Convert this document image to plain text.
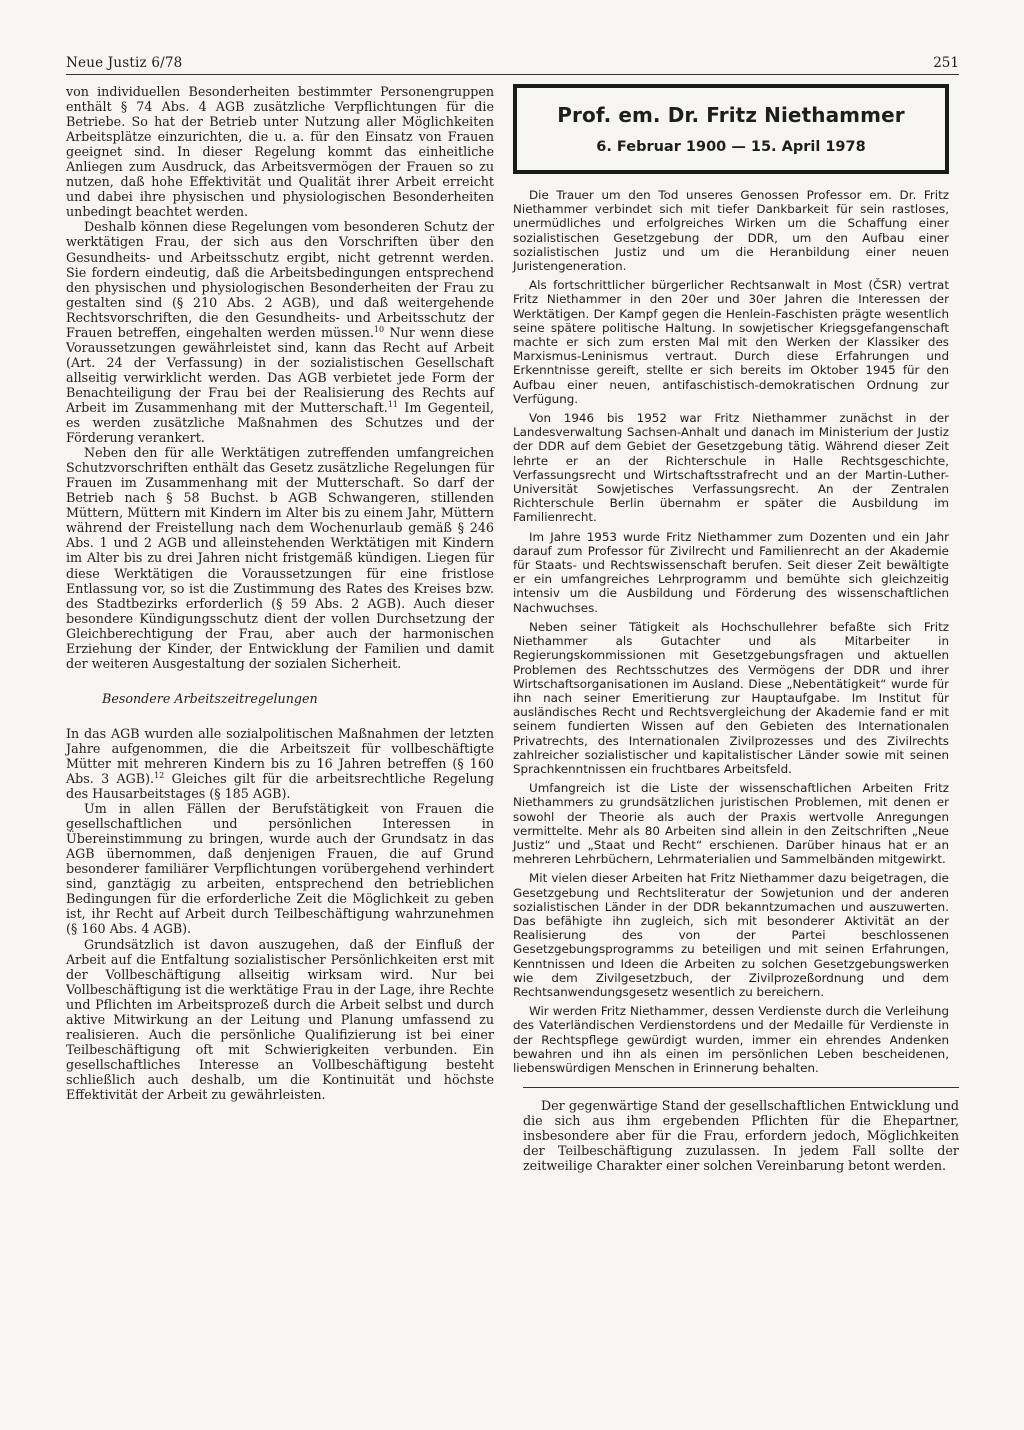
Neue Justiz 6/78	251

von individuellen Besonderheiten bestimmter Personengruppen enthält § 74 Abs. 4 AGB zusätzliche Verpflichtungen für die Betriebe. So hat der Betrieb unter Nutzung aller Möglichkeiten Arbeitsplätze einzurichten, die u. a. für den Einsatz von Frauen geeignet sind. In dieser Regelung kommt das einheitliche Anliegen zum Ausdruck, das Arbeitsvermögen der Frauen so zu nutzen, daß hohe Effektivität und Qualität ihrer Arbeit erreicht und dabei ihre physischen und physiologischen Besonderheiten unbedingt beachtet werden.

Deshalb können diese Regelungen vom besonderen Schutz der werktätigen Frau, der sich aus den Vorschriften über den Gesundheits- und Arbeitsschutz ergibt, nicht getrennt werden. Sie fordern eindeutig, daß die Arbeitsbedingungen entsprechend den physischen und physiologischen Besonderheiten der Frau zu gestalten sind (§ 210 Abs. 2 AGB), und daß weitergehende Rechtsvorschriften, die den Gesundheits- und Arbeitsschutz der Frauen betreffen, eingehalten werden müssen.$^{10}$ Nur wenn diese Voraussetzungen gewährleistet sind, kann das Recht auf Arbeit (Art. 24 der Verfassung) in der sozialistischen Gesellschaft allseitig verwirklicht werden. Das AGB verbietet jede Form der Benachteiligung der Frau bei der Realisierung des Rechts auf Arbeit im Zusammenhang mit der Mutterschaft.$^{11}$ Im Gegenteil, es werden zusätzliche Maßnahmen des Schutzes und der Förderung verankert.

Neben den für alle Werktätigen zutreffenden umfangreichen Schutzvorschriften enthält das Gesetz zusätzliche Regelungen für Frauen im Zusammenhang mit der Mutterschaft. So darf der Betrieb nach § 58 Buchst. b AGB Schwangeren, stillenden Müttern, Müttern mit Kindern im Alter bis zu einem Jahr, Müttern während der Freistellung nach dem Wochenurlaub gemäß § 246 Abs. 1 und 2 AGB und alleinstehenden Werktätigen mit Kindern im Alter bis zu drei Jahren nicht fristgemäß kündigen. Liegen für diese Werktätigen die Voraussetzungen für eine fristlose Entlassung vor, so ist die Zustimmung des Rates des Kreises bzw. des Stadtbezirks erforderlich (§ 59 Abs. 2 AGB). Auch dieser besondere Kündigungsschutz dient der vollen Durchsetzung der Gleichberechtigung der Frau, aber auch der harmonischen Erziehung der Kinder, der Entwicklung der Familien und damit der weiteren Ausgestaltung der sozialen Sicherheit.

Besondere Arbeitszeitregelungen

In das AGB wurden alle sozialpolitischen Maßnahmen der letzten Jahre aufgenommen, die die Arbeitszeit für vollbeschäftigte Mütter mit mehreren Kindern bis zu 16 Jahren betreffen (§ 160 Abs. 3 AGB).$^{12}$ Gleiches gilt für die arbeitsrechtliche Regelung des Hausarbeitstages (§ 185 AGB).

Um in allen Fällen der Berufstätigkeit von Frauen die gesellschaftlichen und persönlichen Interessen in Übereinstimmung zu bringen, wurde auch der Grundsatz in das AGB übernommen, daß denjenigen Frauen, die auf Grund besonderer familiärer Verpflichtungen vorübergehend verhindert sind, ganztägig zu arbeiten, entsprechend den betrieblichen Bedingungen für die erforderliche Zeit die Möglichkeit zu geben ist, ihr Recht auf Arbeit durch Teilbeschäftigung wahrzunehmen (§ 160 Abs. 4 AGB).

Grundsätzlich ist davon auszugehen, daß der Einfluß der Arbeit auf die Entfaltung sozialistischer Persönlichkeiten erst mit der Vollbeschäftigung allseitig wirksam wird. Nur bei Vollbeschäftigung ist die werktätige Frau in der Lage, ihre Rechte und Pflichten im Arbeitsprozeß durch die Arbeit selbst und durch aktive Mitwirkung an der Leitung und Planung umfassend zu realisieren. Auch die persönliche Qualifizierung ist bei einer Teilbeschäftigung oft mit Schwierigkeiten verbunden. Ein gesellschaftliches Interesse an Vollbeschäftigung besteht schließlich auch deshalb, um die Kontinuität und höchste Effektivität der Arbeit zu gewährleisten.

Prof. em. Dr. Fritz Niethammer
6. Februar 1900 — 15. April 1978

Die Trauer um den Tod unseres Genossen Professor em. Dr. Fritz Niethammer verbindet sich mit tiefer Dankbarkeit für sein rastloses, unermüdliches und erfolgreiches Wirken um die Schaffung einer sozialistischen Gesetzgebung der DDR, um den Aufbau einer sozialistischen Justiz und um die Heranbildung einer neuen Juristengeneration.

Als fortschrittlicher bürgerlicher Rechtsanwalt in Most (ČSR) vertrat Fritz Niethammer in den 20er und 30er Jahren die Interessen der Werktätigen. Der Kampf gegen die Henlein-Faschisten prägte wesentlich seine spätere politische Haltung. In sowjetischer Kriegsgefangenschaft machte er sich zum ersten Mal mit den Werken der Klassiker des Marxismus-Leninismus vertraut. Durch diese Erfahrungen und Erkenntnisse gereift, stellte er sich bereits im Oktober 1945 für den Aufbau einer neuen, antifaschistisch-demokratischen Ordnung zur Verfügung.

Von 1946 bis 1952 war Fritz Niethammer zunächst in der Landesverwaltung Sachsen-Anhalt und danach im Ministerium der Justiz der DDR auf dem Gebiet der Gesetzgebung tätig. Während dieser Zeit lehrte er an der Richterschule in Halle Rechtsgeschichte, Verfassungsrecht und Wirtschaftsstrafrecht und an der Martin-Luther-Universität Sowjetisches Verfassungsrecht. An der Zentralen Richterschule Berlin übernahm er später die Ausbildung im Familienrecht.

Im Jahre 1953 wurde Fritz Niethammer zum Dozenten und ein Jahr darauf zum Professor für Zivilrecht und Familienrecht an der Akademie für Staats- und Rechtswissenschaft berufen. Seit dieser Zeit bewältigte er ein umfangreiches Lehrprogramm und bemühte sich gleichzeitig intensiv um die Ausbildung und Förderung des wissenschaftlichen Nachwuchses.

Neben seiner Tätigkeit als Hochschullehrer befaßte sich Fritz Niethammer als Gutachter und als Mitarbeiter in Regierungskommissionen mit Gesetzgebungsfragen und aktuellen Problemen des Rechtsschutzes des Vermögens der DDR und ihrer Wirtschaftsorganisationen im Ausland. Diese „Nebentätigkeit“ wurde für ihn nach seiner Emeritierung zur Hauptaufgabe. Im Institut für ausländisches Recht und Rechtsvergleichung der Akademie fand er mit seinem fundierten Wissen auf den Gebieten des Internationalen Privatrechts, des Internationalen Zivilprozesses und des Zivilrechts zahlreicher sozialistischer und kapitalistischer Länder sowie mit seinen Sprachkenntnissen ein fruchtbares Arbeitsfeld.

Umfangreich ist die Liste der wissenschaftlichen Arbeiten Fritz Niethammers zu grundsätzlichen juristischen Problemen, mit denen er sowohl der Theorie als auch der Praxis wertvolle Anregungen vermittelte. Mehr als 80 Arbeiten sind allein in den Zeitschriften „Neue Justiz“ und „Staat und Recht“ erschienen. Darüber hinaus hat er an mehreren Lehrbüchern, Lehrmaterialien und Sammelbänden mitgewirkt.

Mit vielen dieser Arbeiten hat Fritz Niethammer dazu beigetragen, die Gesetzgebung und Rechtsliteratur der Sowjetunion und der anderen sozialistischen Länder in der DDR bekanntzumachen und auszuwerten. Das befähigte ihn zugleich, sich mit besonderer Aktivität an der Realisierung des von der Partei beschlossenen Gesetzgebungsprogramms zu beteiligen und mit seinen Erfahrungen, Kenntnissen und Ideen die Arbeiten zu solchen Gesetzgebungswerken wie dem Zivilgesetzbuch, der Zivilprozeßordnung und dem Rechtsanwendungsgesetz wesentlich zu bereichern.

Wir werden Fritz Niethammer, dessen Verdienste durch die Verleihung des Vaterländischen Verdienstordens und der Medaille für Verdienste in der Rechtspflege gewürdigt wurden, immer ein ehrendes Andenken bewahren und ihn als einen im persönlichen Leben bescheidenen, liebenswürdigen Menschen in Erinnerung behalten.

Der gegenwärtige Stand der gesellschaftlichen Entwicklung und die sich aus ihm ergebenden Pflichten für die Ehepartner, insbesondere aber für die Frau, erfordern jedoch, Möglichkeiten der Teilbeschäftigung zuzulassen. In jedem Fall sollte der zeitweilige Charakter einer solchen Vereinbarung betont werden.
